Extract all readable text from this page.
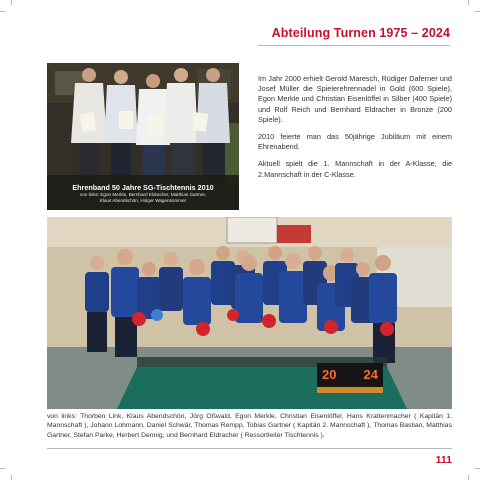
Abteilung Turnen 1975 – 2024
Ehrenband 50 Jahre SG-Tischtennis 2010
von links: Egon Merkle, Bernhard Eldracher, Matthias Gartner,
Klaus Abendschön, Holger Wagensommer

Im Jahr 2000 erhielt Gerold Maresch, Rüdiger Daferner und Josef Müller die Spielerehrennadel in Gold (600 Spiele), Egon Merkle und Christian Eisenlöffel in Silber (400 Spiele) und Rolf Reich und Bernhard Eldracher in Bronze (200 Spiele).

2010 feierte man das 50jährige Jubiläum mit einem Ehrenabend.

Aktuell spielt die 1. Mannschaft in der A-Klasse, die 2.Mannschaft in der C-Klasse.

20 24
von links: Thorben Link, Klaus Abendschön, Jörg Oßwald, Egon Merkle, Christian Eisenlöffel, Hans Krattenmacher ( Kapitän 1. Mannschaft ), Johann Lohmann, Daniel Schwär, Thomas Rempp, Tobias Gartner ( Kapitän 2. Mannschaft ), Thomas Bastian, Matthias Gartner, Stefan Parke, Herbert Dennig, und Bernhard Eldracher ( Ressortleiter Tischtennis ).
111
